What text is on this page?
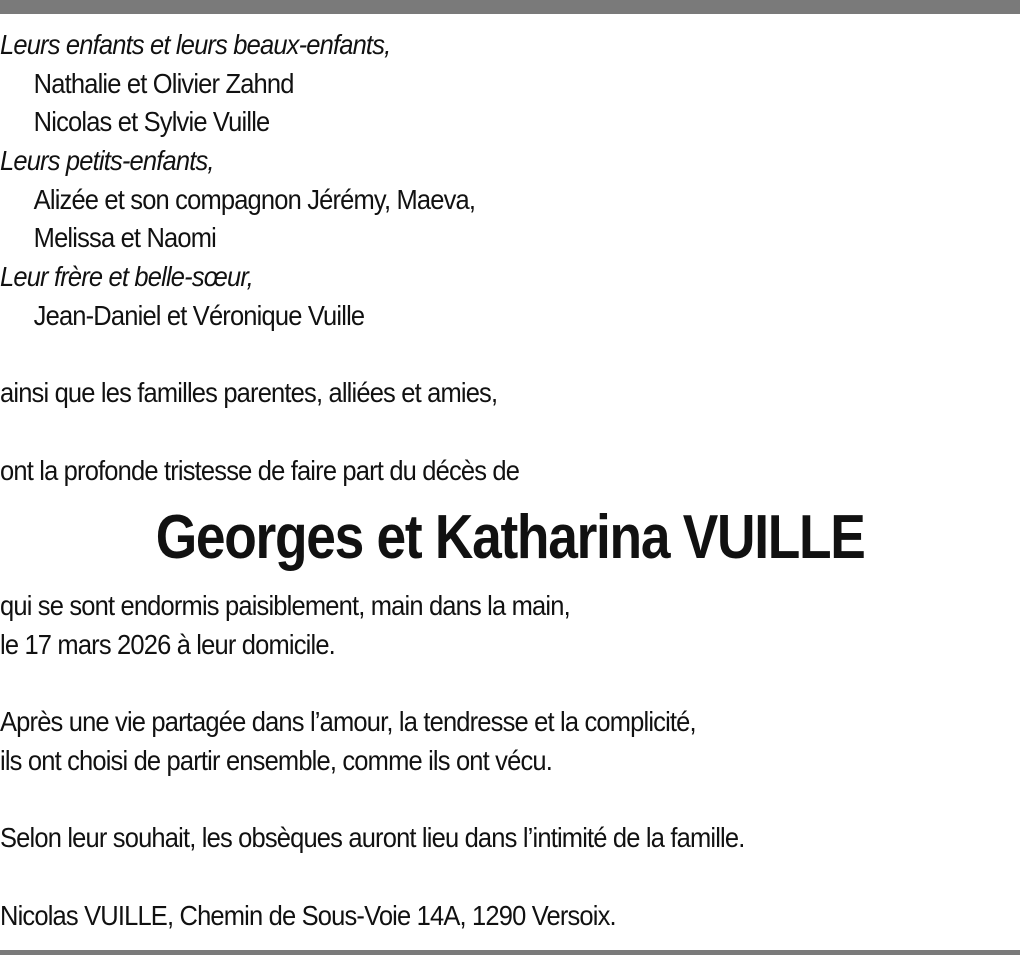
Leurs enfants et leurs beaux-enfants,
Nathalie et Olivier Zahnd
Nicolas et Sylvie Vuille
Leurs petits-enfants,
Alizée et son compagnon Jérémy, Maeva,
Melissa et Naomi
Leur frère et belle-sœur,
Jean-Daniel et Véronique Vuille
ainsi que les familles parentes, alliées et amies,
ont la profonde tristesse de faire part du décès de
Georges et Katharina VUILLE
qui se sont endormis paisiblement, main dans la main,
le 17 mars 2026 à leur domicile.
Après une vie partagée dans l’amour, la tendresse et la complicité,
ils ont choisi de partir ensemble, comme ils ont vécu.
Selon leur souhait, les obsèques auront lieu dans l’intimité de la famille.
Nicolas VUILLE, Chemin de Sous-Voie 14A, 1290 Versoix.
